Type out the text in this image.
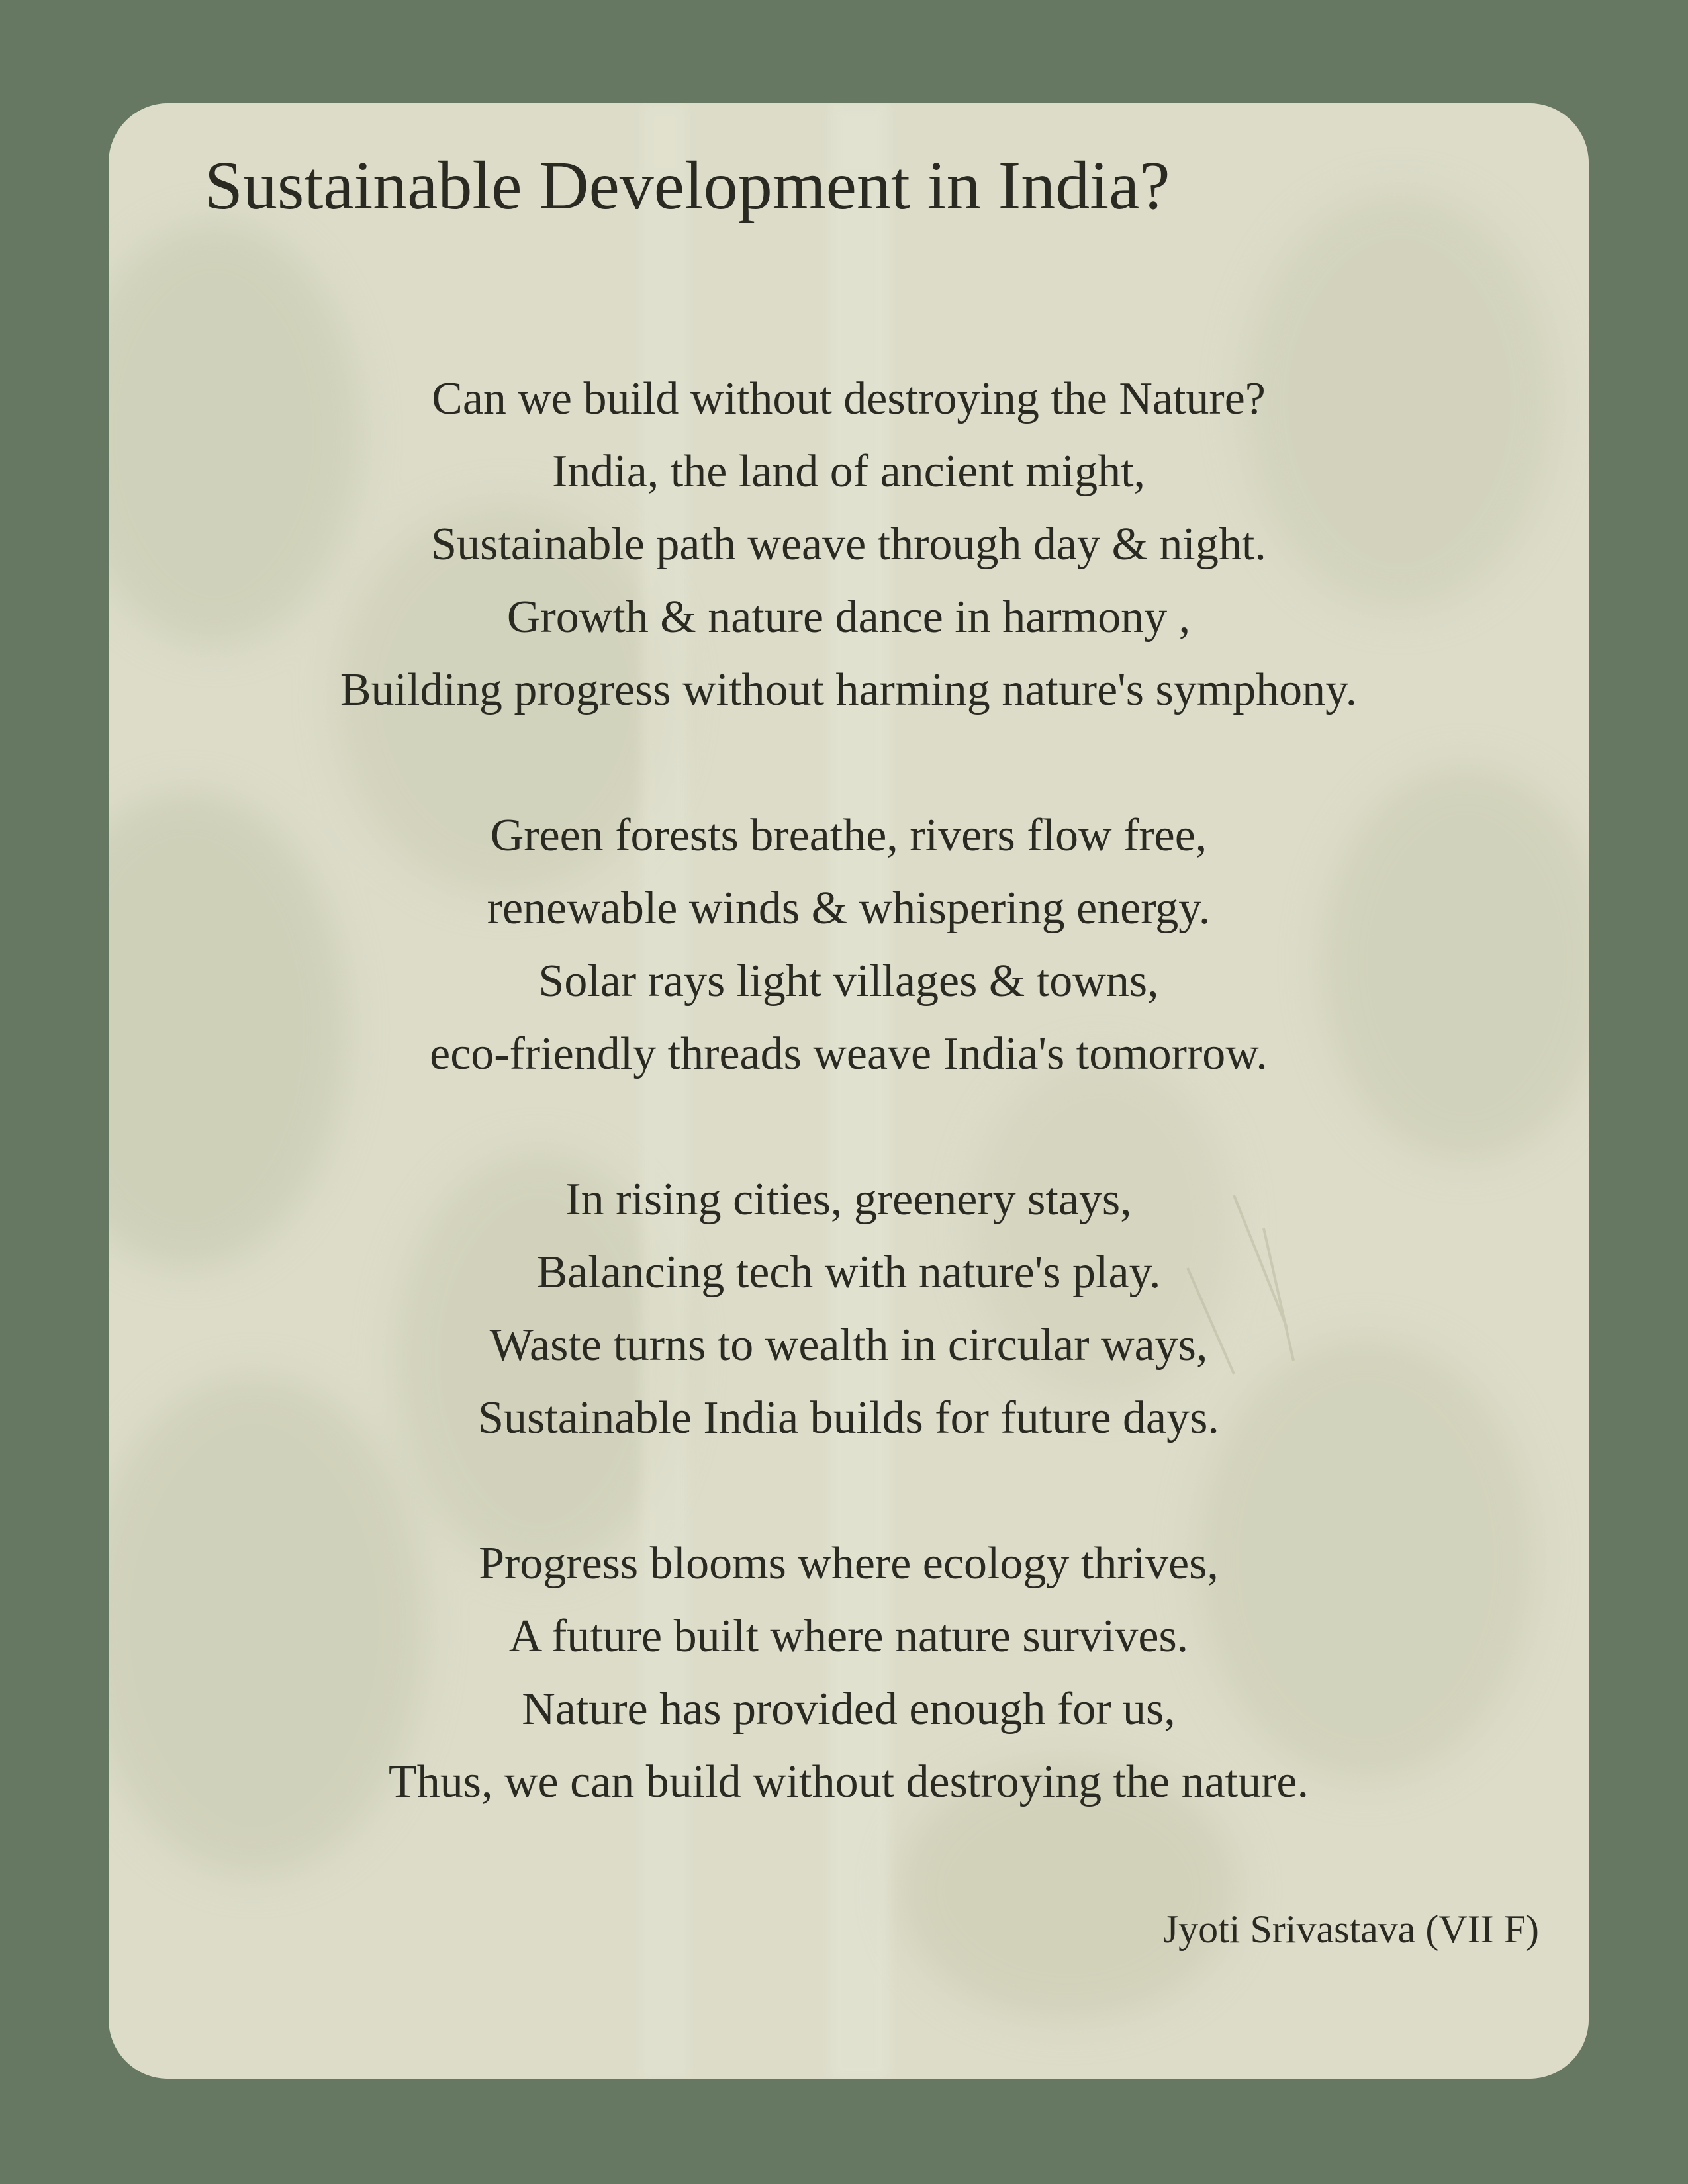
Sustainable Development in India?

Can we build without destroying the Nature?
India, the land of ancient might,
Sustainable path weave through day & night.
Growth & nature dance in harmony ,
Building progress without harming nature's symphony.

Green forests breathe, rivers flow free,
renewable winds & whispering energy.
Solar rays light villages & towns,
eco-friendly threads weave India's tomorrow.

In rising cities, greenery stays,
Balancing tech with nature's play.
Waste turns to wealth in circular ways,
Sustainable India builds for future days.

Progress blooms where ecology thrives,
A future built where nature survives.
Nature has provided enough for us,
Thus, we can build without destroying the nature.

Jyoti Srivastava (VII F)
